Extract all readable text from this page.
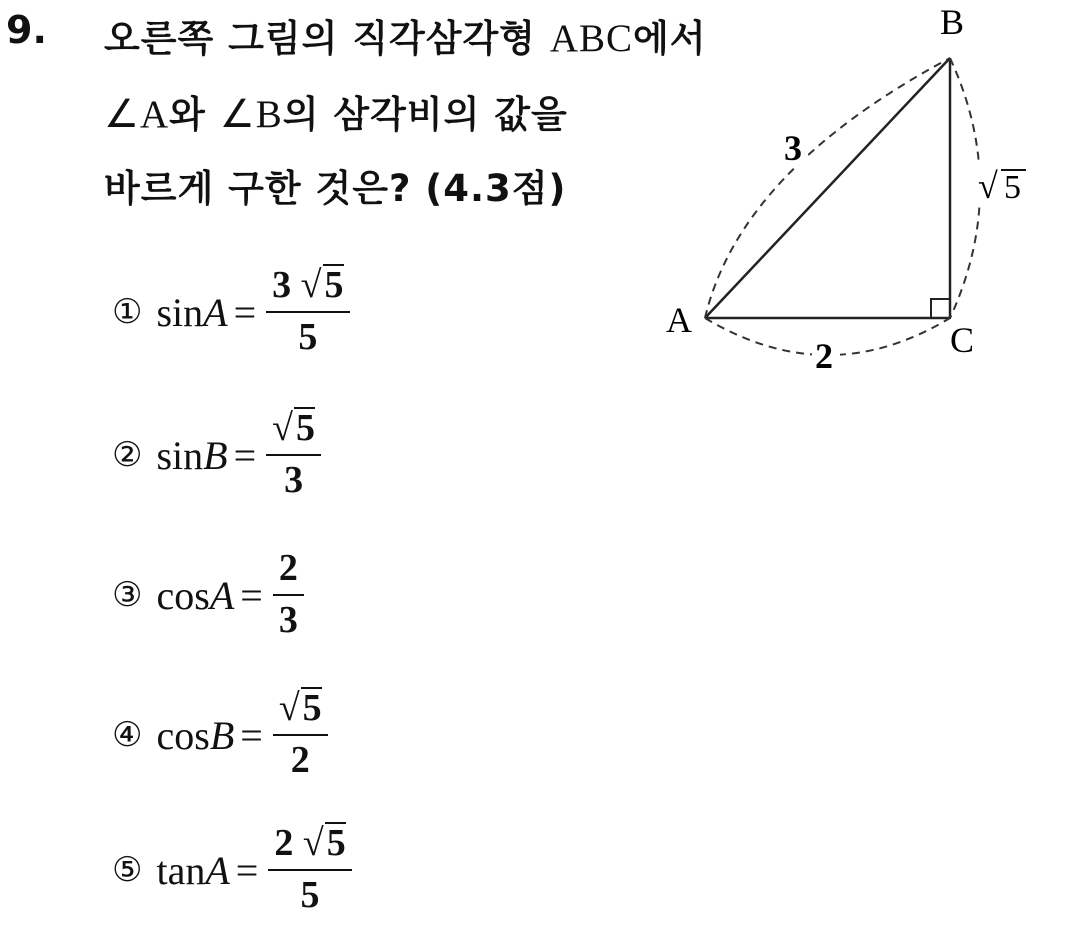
9. 오른쪽 그림의 직각삼각형 ABC에서
∠A와 ∠B의 삼각비의 값을
바르게 구한 것은? (4.3점)
① $\sin A = \frac{3 √5}{5}$
② $\sin B = \frac{√5}{3}$
③ $\cos A = \frac{2}{3}$
④ $\cos B = \frac{√5}{2}$
⑤ $\tan A = \frac{2 √5}{5}$
B
A	C
3
√ 5
2
